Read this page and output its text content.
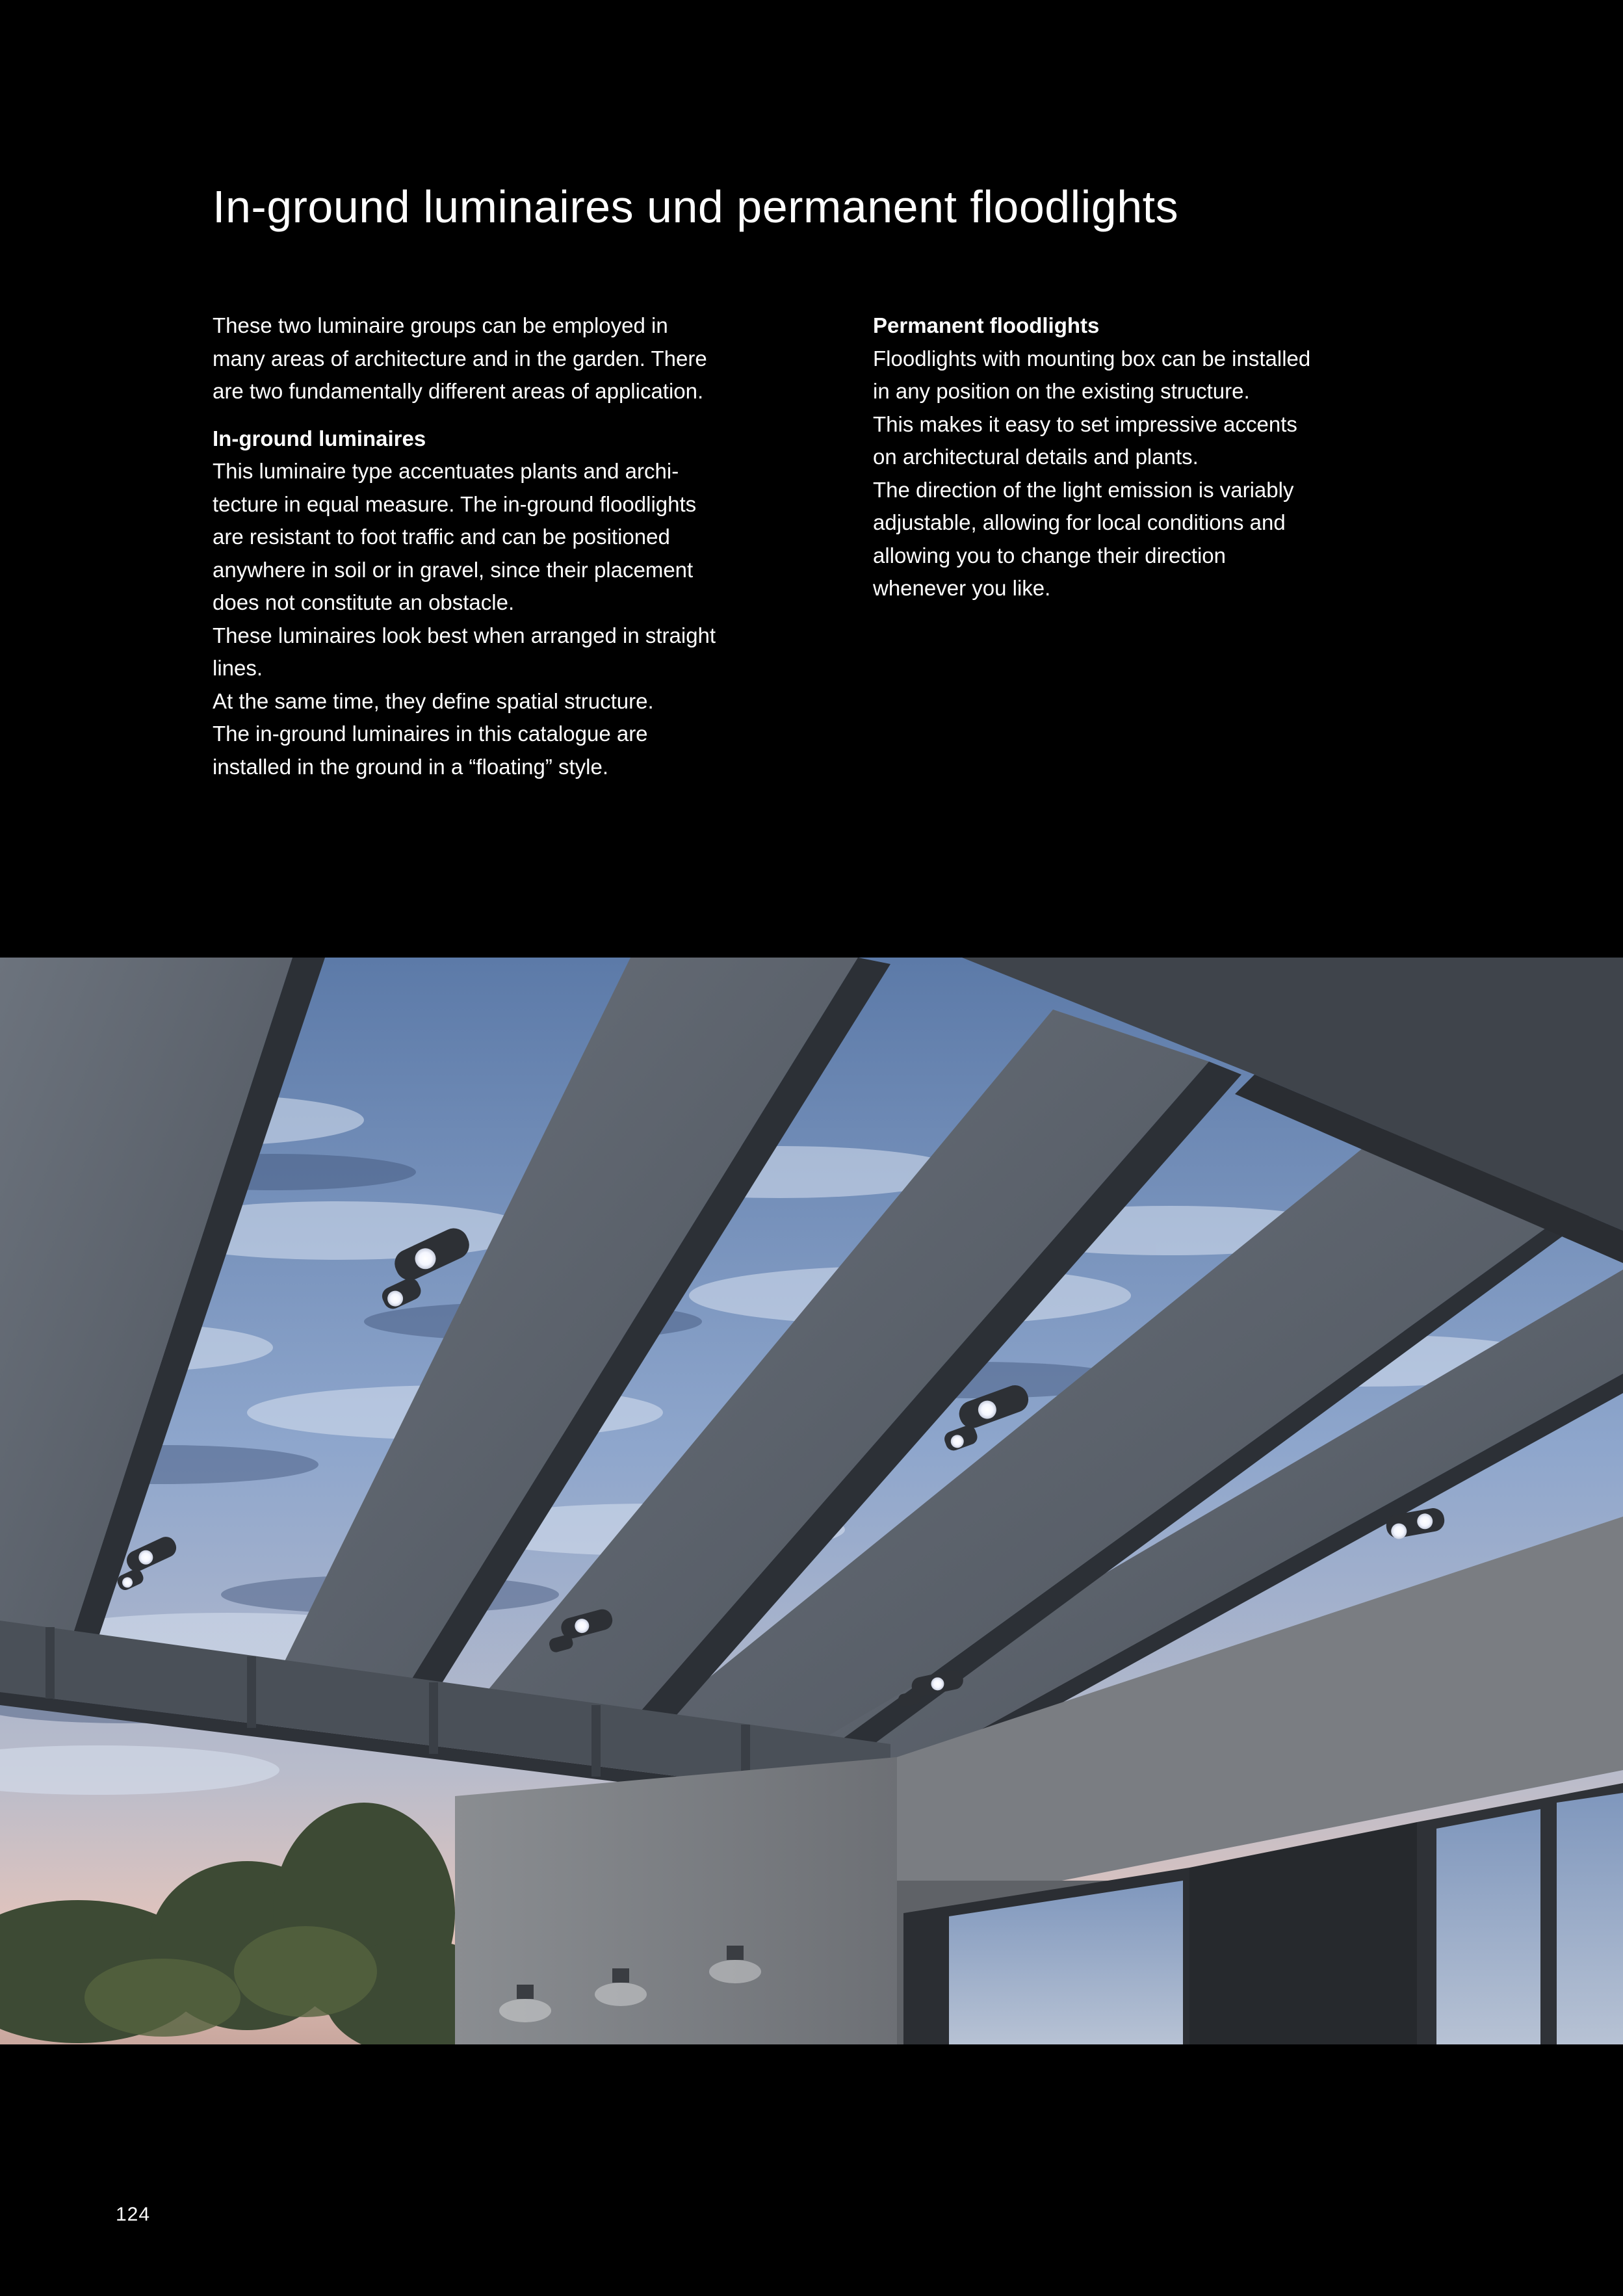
In-ground luminaires und permanent floodlights

These two luminaire groups can be employed in

many areas of architecture and in the garden. There

are two fundamentally different areas of application.

In-ground luminaires

This luminaire type accentuates plants and archi-

tecture in equal measure. The in-ground floodlights

are resistant to foot traffic and can be positioned

anywhere in soil or in gravel, since their placement

does not constitute an obstacle.

These luminaires look best when arranged in straight

lines.

At the same time, they define spatial structure.

The in-ground luminaires in this catalogue are

installed in the ground in a “floating” style.

Permanent floodlights

Floodlights with mounting box can be installed

in any position on the existing structure.

This makes it easy to set impressive accents

on architectural details and plants.

The direction of the light emission is variably

adjustable, allowing for local conditions and

allowing you to change their direction

whenever you like.

124
